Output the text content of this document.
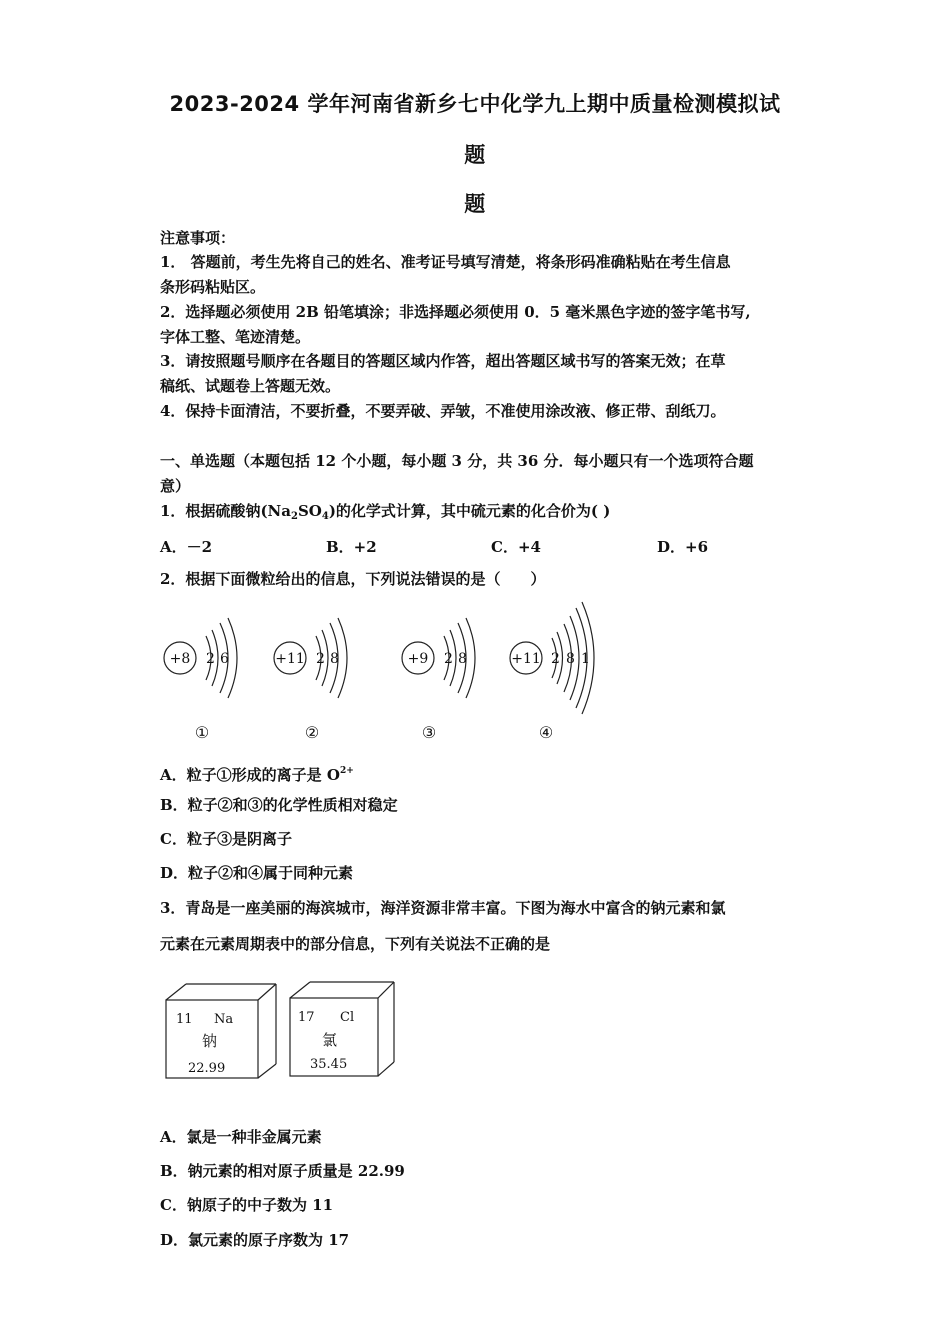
2023-2024 学年河南省新乡七中化学九上期中质量检测模拟试
题
题
注意事项：
1． 答题前，考生先将自己的姓名、准考证号填写清楚，将条形码准确粘贴在考生信息
条形码粘贴区。
2．选择题必须使用 2B 铅笔填涂；非选择题必须使用 0．5 毫米黑色字迹的签字笔书写,
字体工整、笔迹清楚。
3．请按照题号顺序在各题目的答题区域内作答，超出答题区域书写的答案无效；在草
稿纸、试题卷上答题无效。
4．保持卡面清洁，不要折叠，不要弄破、弄皱，不准使用涂改液、修正带、刮纸刀。
一、单选题（本题包括 12 个小题，每小题 3 分，共 36 分．每小题只有一个选项符合题
意）
1．根据硫酸钠$(Na_2SO_4)$的化学式计算，其中硫元素的化合价为( )
A．－2	B．+2	C．+4	D．+6
2．根据下面微粒给出的信息，下列说法错误的是（　　）
+8 2 6	+11 2 8	+9 2 8	+11 2 8 1
①	②	③	④
A．粒子①形成的离子是 $O^{2+}$
B．粒子②和③的化学性质相对稳定
C．粒子③是阴离子
D．粒子②和④属于同种元素
3．青岛是一座美丽的海滨城市，海洋资源非常丰富。下图为海水中富含的钠元素和氯
元素在元素周期表中的部分信息，下列有关说法不正确的是
11 Na
钠
22.99
17 Cl
氯
35.45
A．氯是一种非金属元素
B．钠元素的相对原子质量是 22.99
C．钠原子的中子数为 11
D．氯元素的原子序数为 17
